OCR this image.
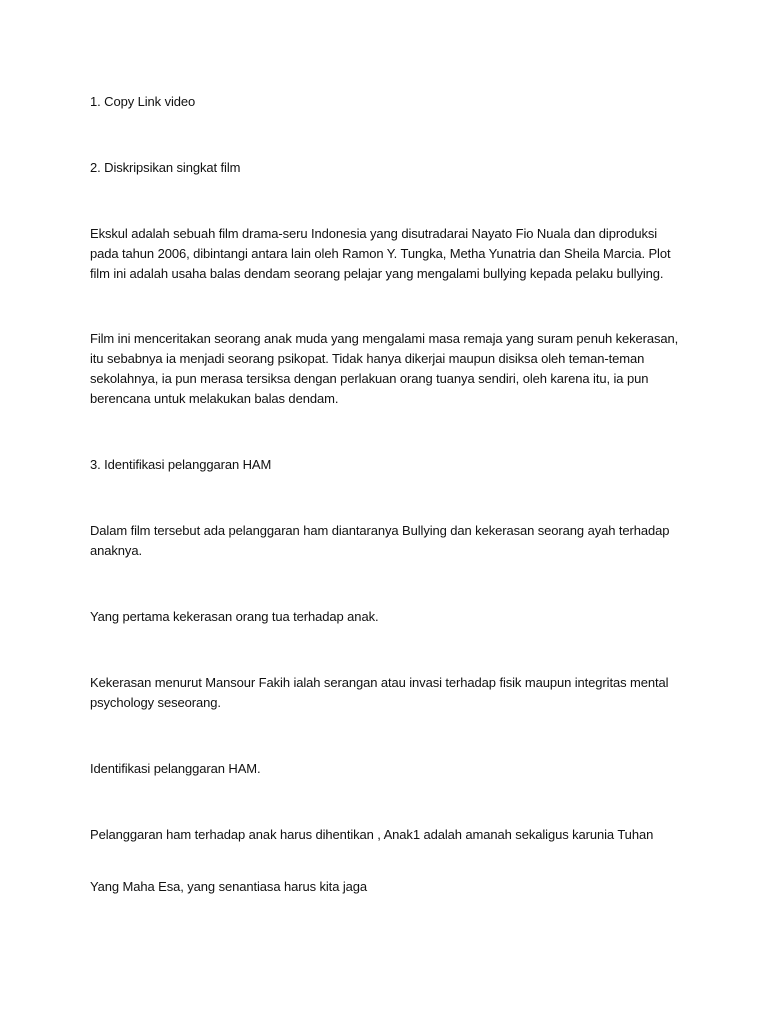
1. Copy Link video

2. Diskripsikan singkat film

Ekskul adalah sebuah film drama-seru Indonesia yang disutradarai Nayato Fio Nuala dan diproduksi pada tahun 2006, dibintangi antara lain oleh Ramon Y. Tungka, Metha Yunatria dan Sheila Marcia. Plot film ini adalah usaha balas dendam seorang pelajar yang mengalami bullying kepada pelaku bullying.

Film ini menceritakan seorang anak muda yang mengalami masa remaja yang suram penuh kekerasan, itu sebabnya ia menjadi seorang psikopat. Tidak hanya dikerjai maupun disiksa oleh teman-teman sekolahnya, ia pun merasa tersiksa dengan perlakuan orang tuanya sendiri, oleh karena itu, ia pun berencana untuk melakukan balas dendam.

3. Identifikasi pelanggaran HAM

Dalam film tersebut ada pelanggaran ham diantaranya Bullying dan kekerasan seorang ayah terhadap anaknya.

Yang pertama kekerasan orang tua terhadap anak.

Kekerasan menurut Mansour Fakih ialah serangan atau invasi terhadap fisik maupun integritas mental psychology seseorang.

Identifikasi pelanggaran HAM.

Pelanggaran ham terhadap anak harus dihentikan , Anak1 adalah amanah sekaligus karunia Tuhan

Yang Maha Esa, yang senantiasa harus kita jaga
